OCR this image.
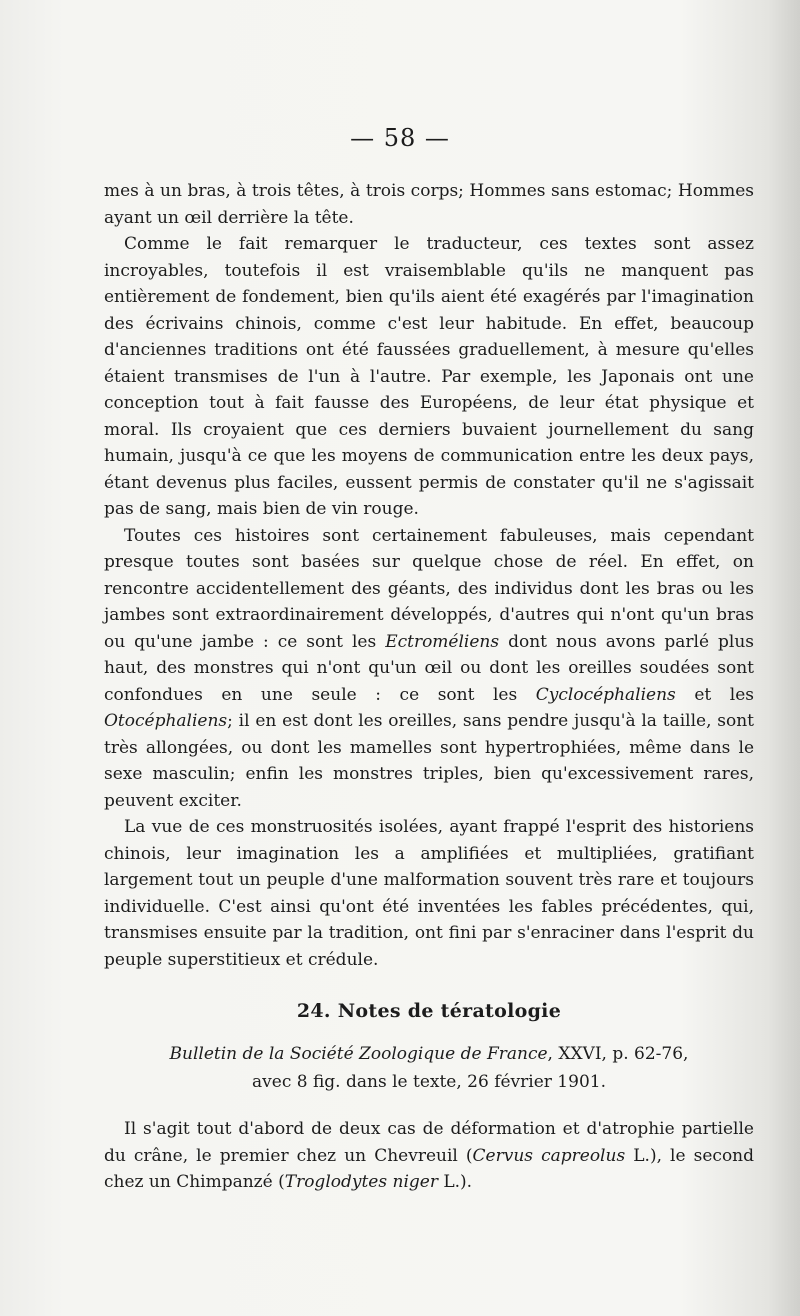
— 58 —

mes à un bras, à trois têtes, à trois corps; Hommes sans estomac; Hommes ayant un œil derrière la tête.

Comme le fait remarquer le traducteur, ces textes sont assez incroyables, toutefois il est vraisemblable qu'ils ne manquent pas entièrement de fondement, bien qu'ils aient été exagérés par l'imagination des écrivains chinois, comme c'est leur habitude. En effet, beaucoup d'anciennes traditions ont été faussées graduellement, à mesure qu'elles étaient transmises de l'un à l'autre. Par exemple, les Japonais ont une conception tout à fait fausse des Européens, de leur état physique et moral. Ils croyaient que ces derniers buvaient journellement du sang humain, jusqu'à ce que les moyens de communication entre les deux pays, étant devenus plus faciles, eussent permis de constater qu'il ne s'agissait pas de sang, mais bien de vin rouge.

Toutes ces histoires sont certainement fabuleuses, mais cependant presque toutes sont basées sur quelque chose de réel. En effet, on rencontre accidentellement des géants, des individus dont les bras ou les jambes sont extraordinairement développés, d'autres qui n'ont qu'un bras ou qu'une jambe : ce sont les Ectroméliens dont nous avons parlé plus haut, des monstres qui n'ont qu'un œil ou dont les oreilles soudées sont confondues en une seule : ce sont les Cyclocéphaliens et les Otocéphaliens; il en est dont les oreilles, sans pendre jusqu'à la taille, sont très allongées, ou dont les mamelles sont hypertrophiées, même dans le sexe masculin; enfin les monstres triples, bien qu'excessivement rares, peuvent exciter.

La vue de ces monstruosités isolées, ayant frappé l'esprit des historiens chinois, leur imagination les a amplifiées et multipliées, gratifiant largement tout un peuple d'une malformation souvent très rare et toujours individuelle. C'est ainsi qu'ont été inventées les fables précédentes, qui, transmises ensuite par la tradition, ont fini par s'enraciner dans l'esprit du peuple superstitieux et crédule.

24. Notes de tératologie
Bulletin de la Société Zoologique de France, XXVI, p. 62-76,
avec 8 fig. dans le texte, 26 février 1901.

Il s'agit tout d'abord de deux cas de déformation et d'atrophie partielle du crâne, le premier chez un Chevreuil (Cervus capreolus L.), le second chez un Chimpanzé (Troglodytes niger L.).
